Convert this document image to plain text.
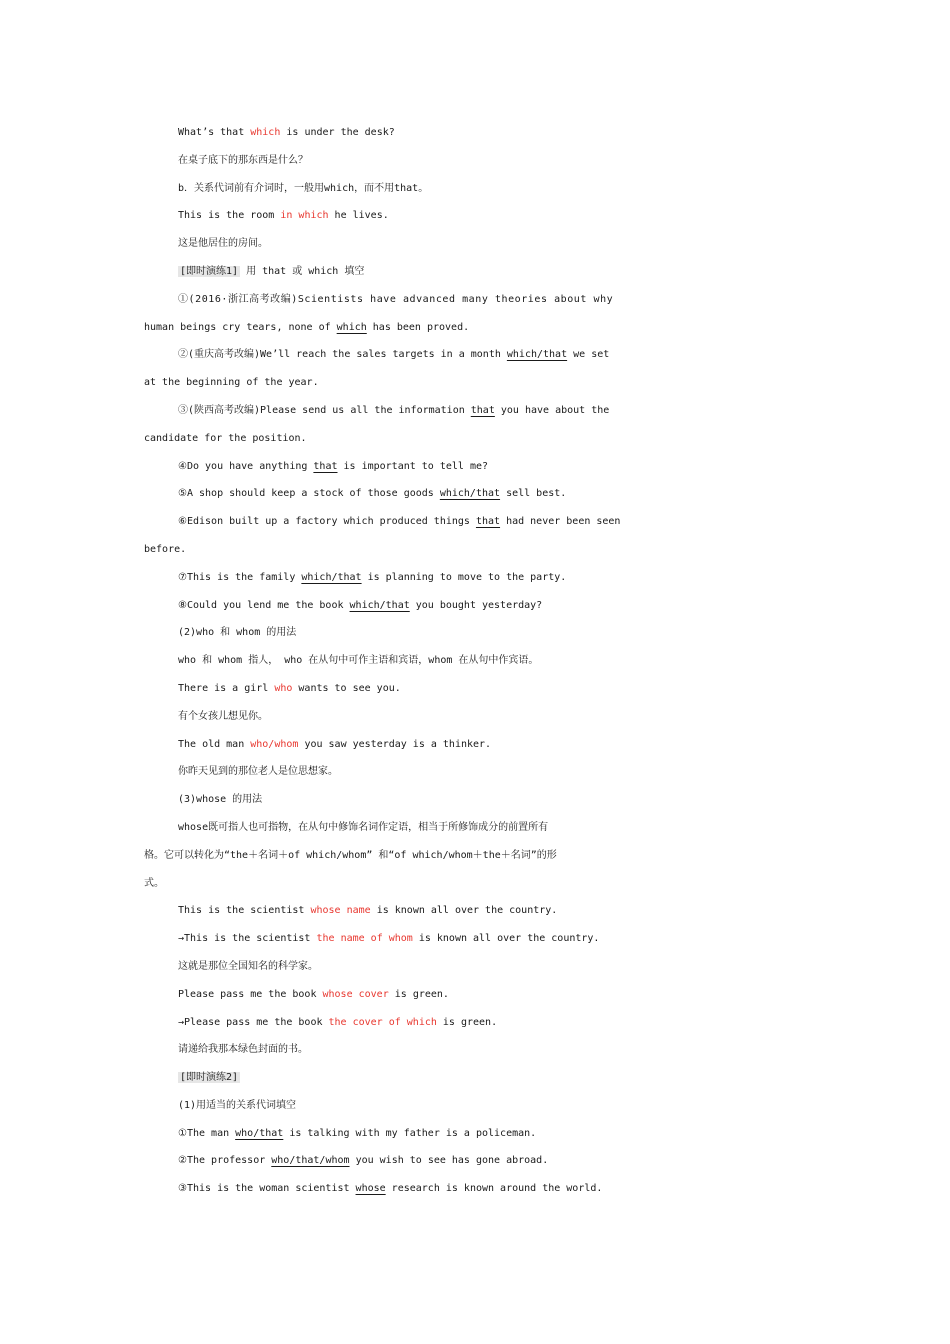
What’s that which is under the desk?
在桌子底下的那东西是什么？
b．关系代词前有介词时，一般用which，而不用that。
This is the room in which he lives.
这是他居住的房间。
[即时演练1] 用 that 或 which 填空
①(2016·浙江高考改编)Scientists have advanced many theories about why
human beings cry tears, none of which has been proved.
②(重庆高考改编)We’ll reach the sales targets in a month which/that we set
at the beginning of the year.
③(陕西高考改编)Please send us all the information that you have about the
candidate for the position.
④Do you have anything that is important to tell me?
⑤A shop should keep a stock of those goods which/that sell best.
⑥Edison built up a factory which produced things that had never been seen
before.
⑦This is the family which/that is planning to move to the party.
⑧Could you lend me the book which/that you bought yesterday?
(2)who 和 whom 的用法
who 和 whom 指人， who 在从句中可作主语和宾语，whom 在从句中作宾语。
There is a girl who wants to see you.
有个女孩儿想见你。
The old man who/whom you saw yesterday is a thinker.
你昨天见到的那位老人是位思想家。
(3)whose 的用法
whose既可指人也可指物，在从句中修饰名词作定语，相当于所修饰成分的前置所有
格。它可以转化为“the＋名词＋of which/whom” 和“of which/whom＋the＋名词”的形
式。
This is the scientist whose name is known all over the country.
→This is the scientist the name of whom is known all over the country.
这就是那位全国知名的科学家。
Please pass me the book whose cover is green.
→Please pass me the book the cover of which is green.
请递给我那本绿色封面的书。
[即时演练2]
(1)用适当的关系代词填空
①The man who/that is talking with my father is a policeman.
②The professor who/that/whom you wish to see has gone abroad.
③This is the woman scientist whose research is known around the world.
